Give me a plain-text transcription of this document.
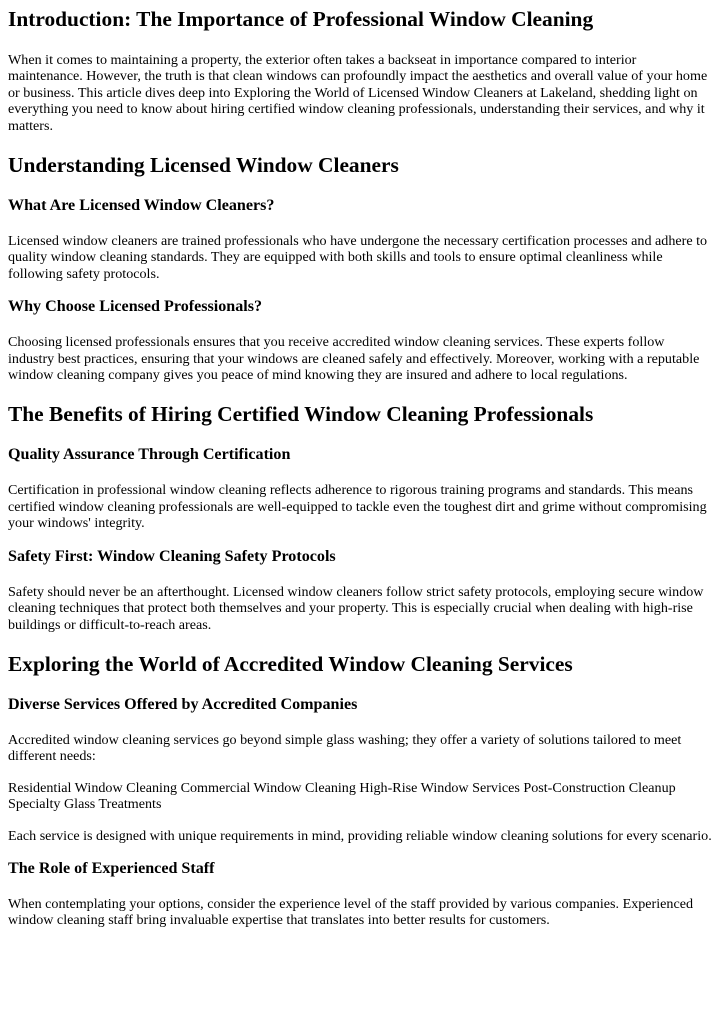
Introduction: The Importance of Professional Window Cleaning

When it comes to maintaining a property, the exterior often takes a backseat in importance compared to interior maintenance. However, the truth is that clean windows can profoundly impact the aesthetics and overall value of your home or business. This article dives deep into Exploring the World of Licensed Window Cleaners at Lakeland, shedding light on everything you need to know about hiring certified window cleaning professionals, understanding their services, and why it matters.

Understanding Licensed Window Cleaners
What Are Licensed Window Cleaners?

Licensed window cleaners are trained professionals who have undergone the necessary certification processes and adhere to quality window cleaning standards. They are equipped with both skills and tools to ensure optimal cleanliness while following safety protocols.

Why Choose Licensed Professionals?

Choosing licensed professionals ensures that you receive accredited window cleaning services. These experts follow industry best practices, ensuring that your windows are cleaned safely and effectively. Moreover, working with a reputable window cleaning company gives you peace of mind knowing they are insured and adhere to local regulations.

The Benefits of Hiring Certified Window Cleaning Professionals
Quality Assurance Through Certification

Certification in professional window cleaning reflects adherence to rigorous training programs and standards. This means certified window cleaning professionals are well-equipped to tackle even the toughest dirt and grime without compromising your windows' integrity.

Safety First: Window Cleaning Safety Protocols

Safety should never be an afterthought. Licensed window cleaners follow strict safety protocols, employing secure window cleaning techniques that protect both themselves and your property. This is especially crucial when dealing with high-rise buildings or difficult-to-reach areas.

Exploring the World of Accredited Window Cleaning Services
Diverse Services Offered by Accredited Companies

Accredited window cleaning services go beyond simple glass washing; they offer a variety of solutions tailored to meet different needs:

Residential Window Cleaning Commercial Window Cleaning High-Rise Window Services Post-Construction Cleanup Specialty Glass Treatments

Each service is designed with unique requirements in mind, providing reliable window cleaning solutions for every scenario.

The Role of Experienced Staff

When contemplating your options, consider the experience level of the staff provided by various companies. Experienced window cleaning staff bring invaluable expertise that translates into better results for customers.
